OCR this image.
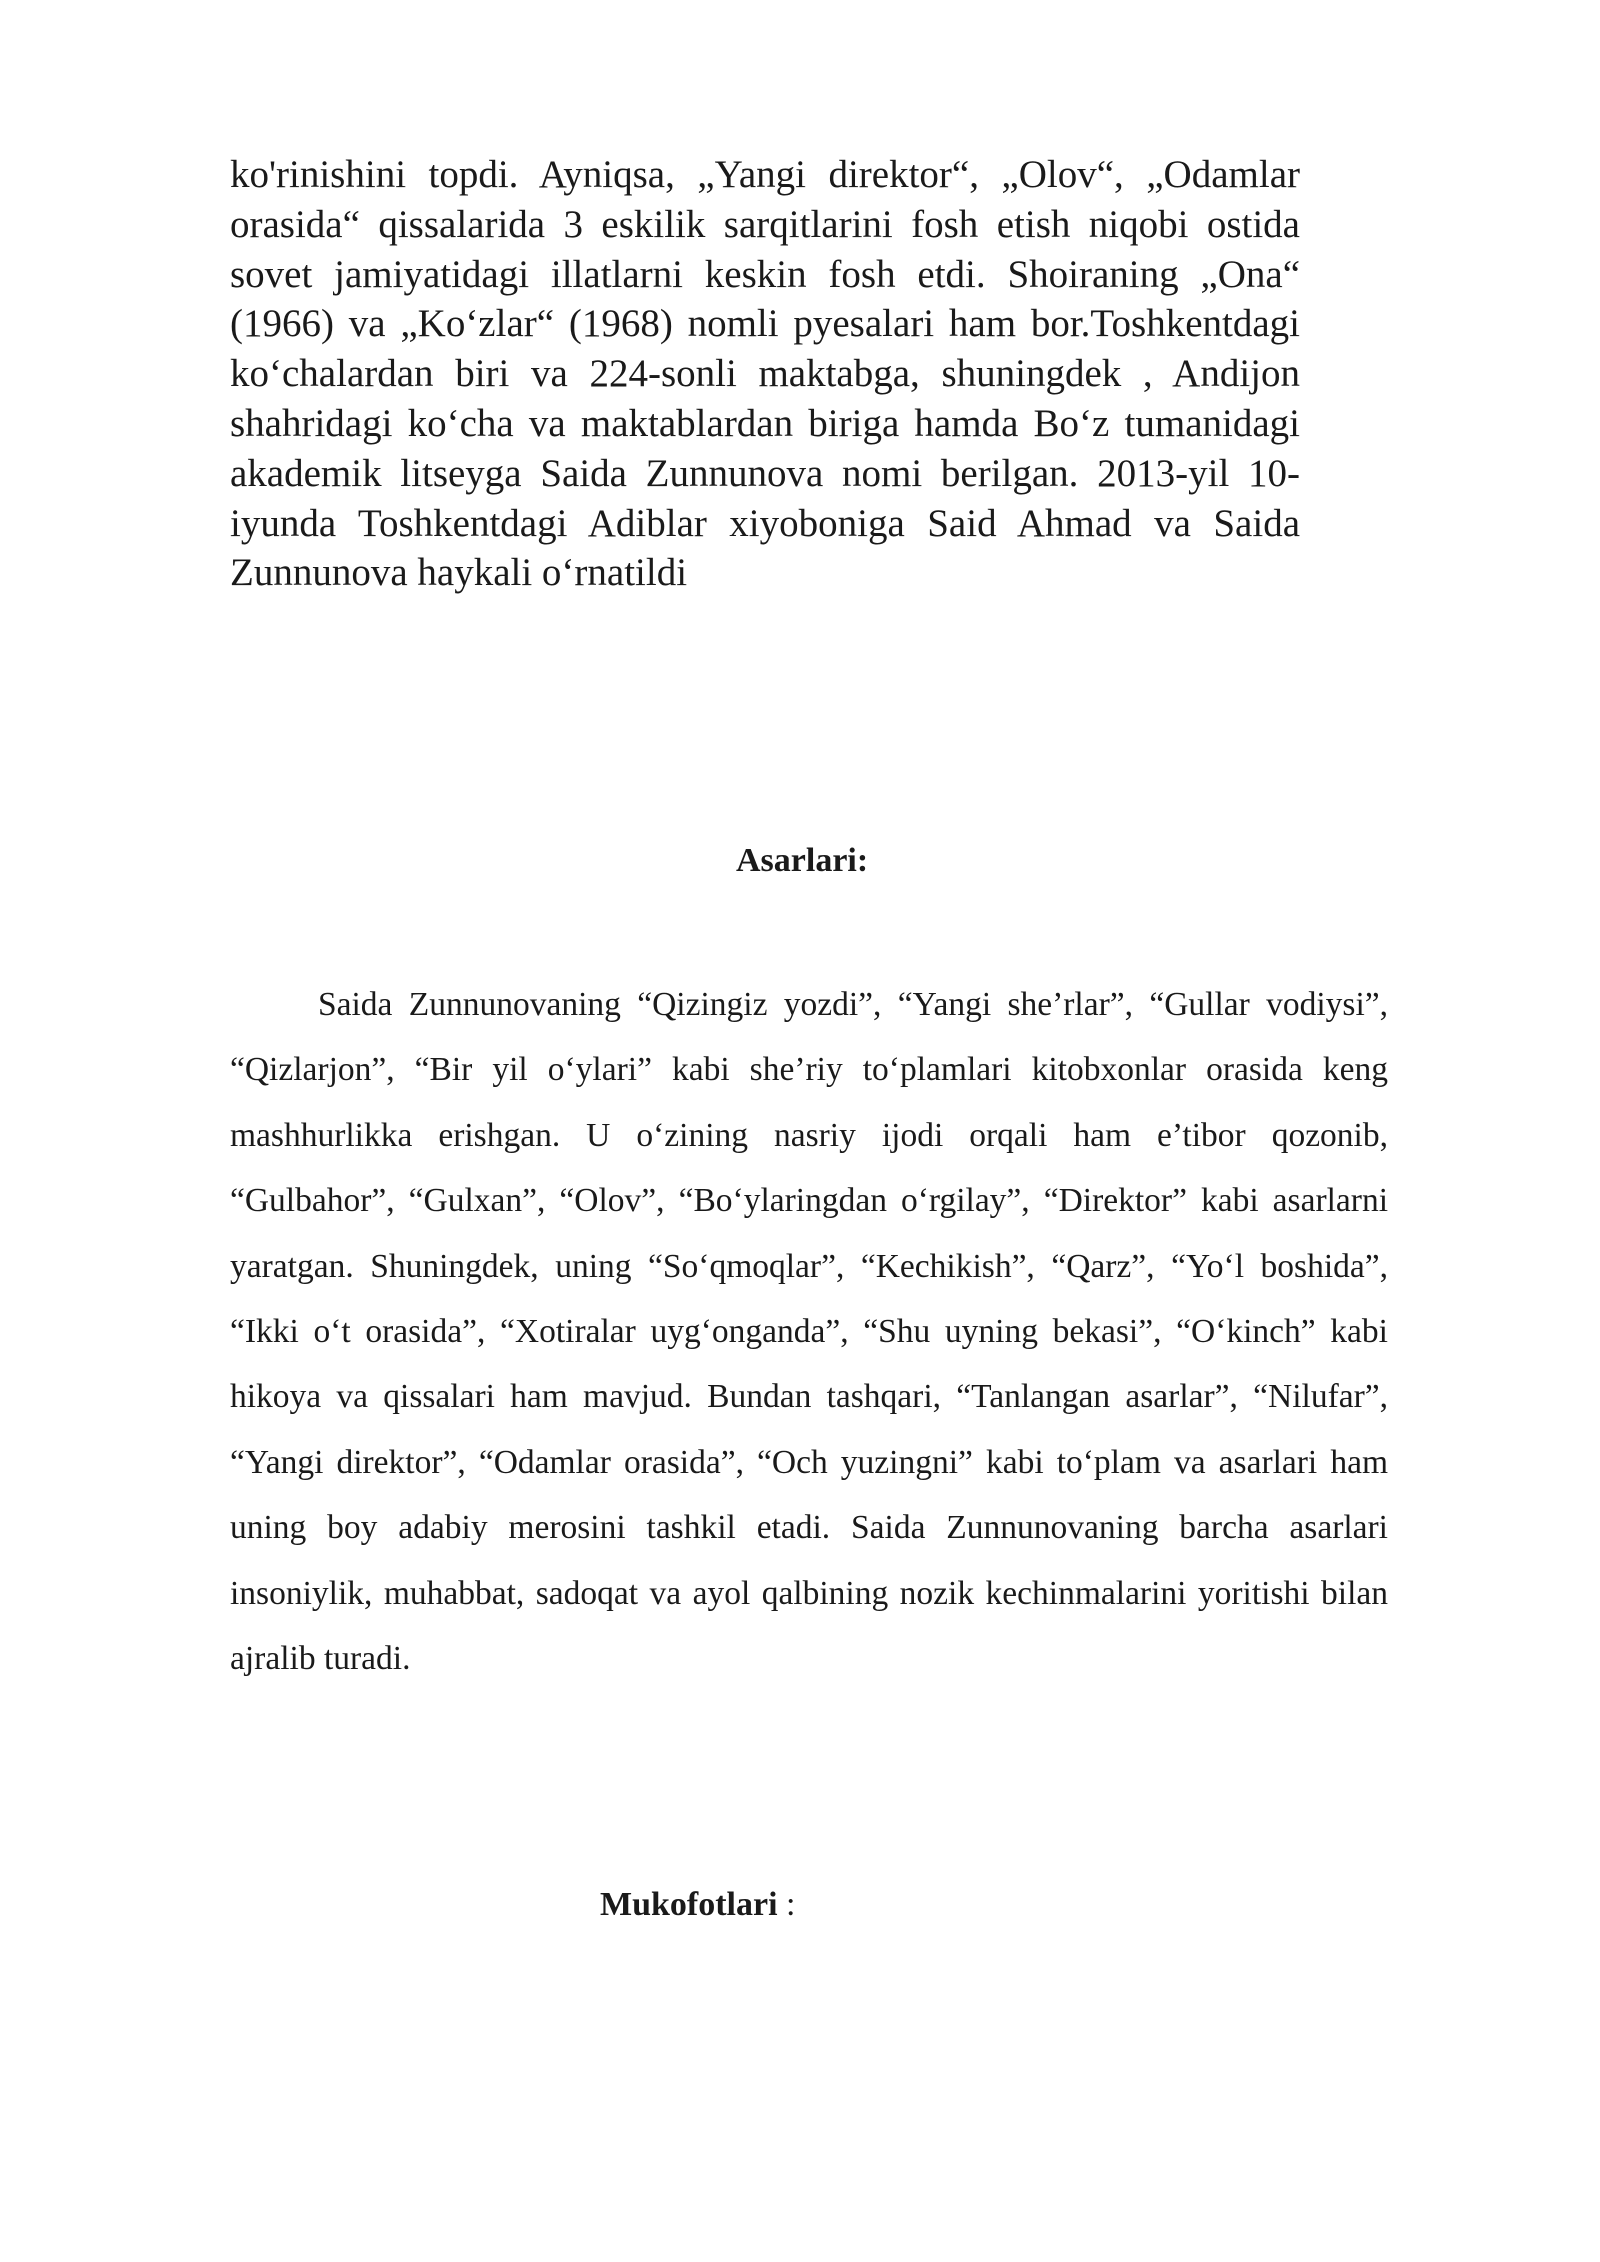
ko'rinishini topdi. Ayniqsa, „Yangi direktor“, „Olov“, „Odamlar orasida“ qissalarida 3 eskilik sarqitlarini fosh etish niqobi ostida sovet jamiyatidagi illatlarni keskin fosh etdi. Shoiraning „Ona“ (1966) va „Koʻzlar“ (1968) nomli pyesalari ham bor.Toshkentdagi koʻchalardan biri va 224-sonli maktabga, shuningdek , Andijon shahridagi koʻcha va maktablardan biriga hamda Boʻz tumanidagi akademik litseyga Saida Zunnunova nomi berilgan. 2013-yil 10-iyunda Toshkentdagi Adiblar xiyoboniga Said Ahmad va Saida Zunnunova haykali oʻrnatildi

Asarlari:

Saida Zunnunovaning “Qizingiz yozdi”, “Yangi she’rlar”, “Gullar vodiysi”, “Qizlarjon”, “Bir yil o‘ylari” kabi she’riy to‘plamlari kitobxonlar orasida keng mashhurlikka erishgan. U o‘zining nasriy ijodi orqali ham e’tibor qozonib, “Gulbahor”, “Gulxan”, “Olov”, “Bo‘ylaringdan o‘rgilay”, “Direktor” kabi asarlarni yaratgan. Shuningdek, uning “So‘qmoqlar”, “Kechikish”, “Qarz”, “Yo‘l boshida”, “Ikki o‘t orasida”, “Xotiralar uyg‘onganda”, “Shu uyning bekasi”, “O‘kinch” kabi hikoya va qissalari ham mavjud. Bundan tashqari, “Tanlangan asarlar”, “Nilufar”, “Yangi direktor”, “Odamlar orasida”, “Och yuzingni” kabi to‘plam va asarlari ham uning boy adabiy merosini tashkil etadi. Saida Zunnunovaning barcha asarlari insoniylik, muhabbat, sadoqat va ayol qalbining nozik kechinmalarini yoritishi bilan ajralib turadi.

Mukofotlari :
